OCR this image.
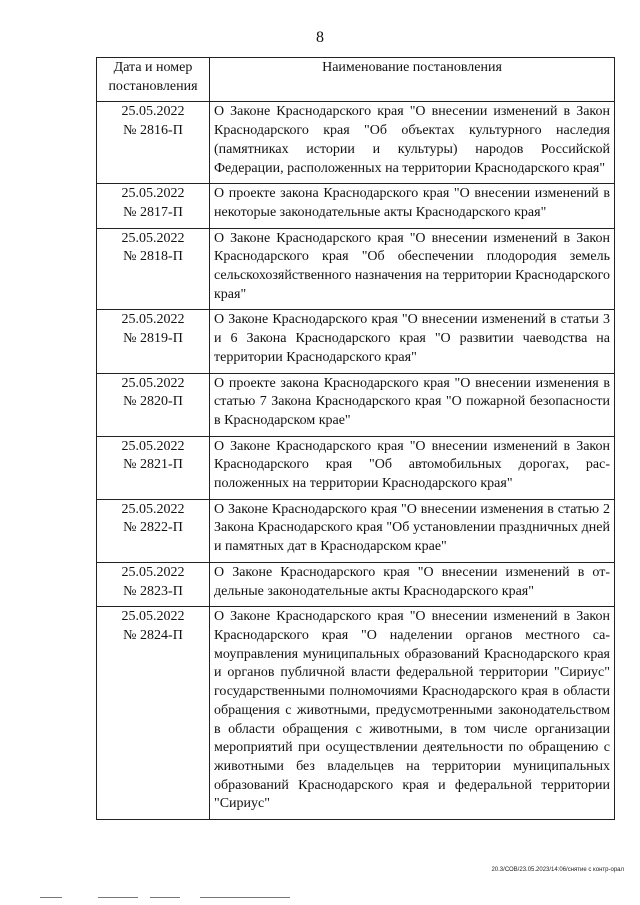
8
Дата и номер
постановления	Наименование постановления

25.05.2022
№ 2816-П	О Законе Краснодарского края "О внесении изменений в Закон Краснодарского края "Об объектах культурного наследия (памятниках истории и культуры) народов Российской Федерации, расположенных на территории Краснодарского края"

25.05.2022
№ 2817-П	О проекте закона Краснодарского края "О внесении изменений в некоторые законодательные акты Краснодарского края"

25.05.2022
№ 2818-П	О Законе Краснодарского края "О внесении изменений в Закон Краснодарского края "Об обеспечении плодородия земель сельскохозяйственного назначения на территории Краснодарского края"

25.05.2022
№ 2819-П	О Законе Краснодарского края "О внесении изменений в статьи 3 и 6 Закона Краснодарского края "О развитии чаеводства на территории Краснодарского края"

25.05.2022
№ 2820-П	О проекте закона Краснодарского края "О внесении изменения в статью 7 Закона Краснодарского края "О пожарной безопасности в Краснодарском крае"

25.05.2022
№ 2821-П	О Законе Краснодарского края "О внесении изменений в Закон Краснодарского края "Об автомобильных дорогах, расположенных на территории Краснодарского края"

25.05.2022
№ 2822-П	О Законе Краснодарского края "О внесении изменения в статью 2 Закона Краснодарского края "Об установлении праздничных дней и памятных дат в Краснодарском крае"

25.05.2022
№ 2823-П	О Законе Краснодарского края "О внесении изменений в отдельные законодательные акты Краснодарского края"

25.05.2022
№ 2824-П	О Законе Краснодарского края "О внесении изменений в Закон Краснодарского края "О наделении органов местного самоуправления муниципальных образований Краснодарского края и органов публичной власти федеральной территории "Сириус" государственными полномочиями Краснодарского края в области обращения с животными, предусмотренными законодательством в области обращения с животными, в том числе организации мероприятий при осуществлении деятельности по обращению с животными без владельцев на территории муниципальных образований Краснодарского края и федеральной территории "Сириус"
20.3/СОВ/23.05.2023/14:06/снятие с контр-орал
